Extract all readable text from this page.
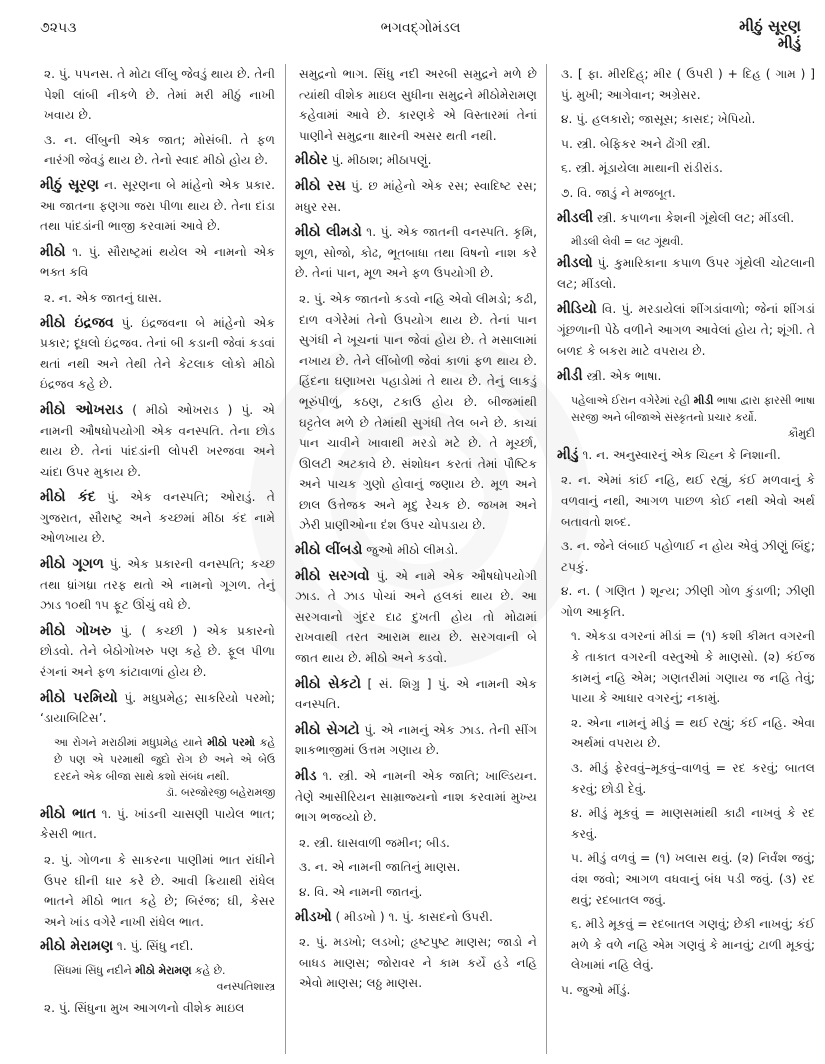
૭૨૫૩	ભગવદ્ગોમંડલ	મીઠું સૂરણ
મીડું

૨. પું. પપનસ. તે મોટા લીંબુ જેવડું થાય છે. તેની પેશી લાંબી નીકળે છે. તેમાં મરી મીઠું નાખી ખવાય છે.

૩. ન. લીંબુની એક જાત; મોસંબી. તે ફળ નારંગી જેવડું થાય છે. તેનો સ્વાદ મીઠો હોય છે.

મીઠું સૂરણ ન. સૂરણના બે માંહેનો એક પ્રકાર. આ જાતના ફણગા જરા પીળા થાય છે. તેના દાંડા તથા પાંદડાંની ભાજી કરવામાં આવે છે.

મીઠો ૧. પું. સૌરાષ્ટ્રમાં થયેલ એ નામનો એક ભક્ત કવિ

૨. ન. એક જાતનું ઘાસ.

મીઠો ઇંદ્રજવ પું. ઇંદ્રજવના બે માંહેનો એક પ્રકાર; દૂધલો ઇંદ્રજવ. તેનાં બી કડાની જેવાં કડવાં થતાં નથી અને તેથી તેને કેટલાક લોકો મીઠો ઇંદ્રજવ કહે છે.

મીઠો ઓખરાડ ( મીઠો ઓખરાડ ) પું. એ નામની ઔષધોપયોગી એક વનસ્પતિ. તેના છોડ થાય છે. તેનાં પાંદડાંની લોપરી ખરજવા અને ચાંદા ઉપર મુકાય છે.

મીઠો કંદ પું. એક વનસ્પતિ; ઓરાડું. તે ગુજરાત, સૌરાષ્ટ્ર અને કચ્છમાં મીઠા કંદ નામે ઓળખાય છે.

મીઠો ગૂગળ પું. એક પ્રકારની વનસ્પતિ; કચ્છ તથા ધ્રાંગધ્રા તરફ થતો એ નામનો ગૂગળ. તેનું ઝાડ ૧૦થી ૧૫ ફૂટ ઊંચું વધે છે.

મીઠો ગોખરુ પું. ( કચ્છી ) એક પ્રકારનો છોડવો. તેને બેઠોગોખરુ પણ કહે છે. ફૂલ પીળા રંગનાં અને ફળ કાંટાવાળાં હોય છે.

મીઠો પરમિયો પું. મધુપ્રમેહ; સાકરિયો પરમો; ‘ડાયાબિટિસ’.

આ રોગને મરાઠીમાં મધુપ્રમેહ યાને મીઠો પરમો કહે છે પણ એ પરમાથી જુદો રોગ છે અને એ બેઉ દરદને એક બીજા સાથે કશો સંબંધ નથી.
ડૉ. બરજોરજી બહેરામજી

મીઠો ભાત ૧. પું. ખાંડની ચાસણી પાયેલ ભાત; કેસરી ભાત.

૨. પું. ગોળના કે સાકરના પાણીમાં ભાત રાંધીને ઉપર ઘીની ધાર કરે છે. આવી ક્રિયાથી રાંધેલ ભાતને મીઠો ભાત કહે છે; બિરંજ; ઘી, કેસર અને ખાંડ વગેરે નાખી રાંધેલ ભાત.

મીઠો મેરામણ ૧. પું. સિંધુ નદી.

સિંધમાં સિંધુ નદીને મીઠો મેરામણ કહે છે.
વનસ્પતિશાસ્ત્ર

૨. પું. સિંધુના મુખ આગળનો વીશેક માઇલ

સમુદ્રનો ભાગ. સિંધુ નદી અરબી સમુદ્રને મળે છે ત્યાંથી વીશેક માઇલ સુધીના સમુદ્રને મીઠોમેરામણ કહેવામાં આવે છે. કારણકે એ વિસ્તારમાં તેનાં પાણીને સમુદ્રના ક્ષારની અસર થતી નથી.

મીઠોર પું. મીઠાશ; મીઠાપણું.

મીઠો રસ પું. છ માંહેનો એક રસ; સ્વાદિષ્ટ રસ; મધુર રસ.

મીઠો લીમડો ૧. પું. એક જાતની વનસ્પતિ. કૃમિ, શૂળ, સોજો, કોઢ, ભૂતબાધા તથા વિષનો નાશ કરે છે. તેનાં પાન, મૂળ અને ફળ ઉપયોગી છે.

૨. પું. એક જાતનો કડવો નહિ એવો લીમડો; કઢી, દાળ વગેરેમાં તેનો ઉપયોગ થાય છે. તેનાં પાન સુગંધી ને ખૂચનાં પાન જેવાં હોય છે. તે મસાલામાં નખાય છે. તેને લીંબોળી જેવાં કાળાં ફળ થાય છે. હિંદના ઘણાખરા પહાડોમાં તે થાય છે. તેનું લાકડું ભૂરુંપીળું, કઠણ, ટકાઉ હોય છે. બીજમાંથી ઘટ્ટતેલ મળે છે તેમાંથી સુગંધી તેલ બને છે. કાચાં પાન ચાવીને ખાવાથી મરડો મટે છે. તે મૂર્ચ્છા, ઊલટી અટકાવે છે. સંશોધન કરતાં તેમાં પૌષ્ટિક અને પાચક ગુણો હોવાનું જણાય છે. મૂળ અને છાલ ઉત્તેજક અને મૃદુ રેચક છે. જખમ અને ઝેરી પ્રાણીઓના દંશ ઉપર ચોપડાય છે.

મીઠો લીંબડો જુઓ મીઠો લીમડો.

મીઠો સરગવો પું. એ નામે એક ઔષધોપયોગી ઝાડ. તે ઝાડ પોચાં અને હલકાં થાય છે. આ સરગવાનો ગુંદર દાઢ દુખતી હોય તો મોઢામાં રાખવાથી તરત આરામ થાય છે. સરગવાની બે જાત થાય છે. મીઠો અને કડવો.

મીઠો સેકટો [ સં. શિગ્રુ ] પું. એ નામની એક વનસ્પતિ.

મીઠો સેગટો પું. એ નામનું એક ઝાડ. તેની સીંગ શાકભાજીમાં ઉત્તમ ગણાય છે.

મીડ ૧. સ્ત્રી. એ નામની એક જાતિ; ખાલ્ડિયન. તેણે આસીરિયન સામ્રાજ્યનો નાશ કરવામાં મુખ્ય ભાગ ભજવ્યો છે.

૨. સ્ત્રી. ઘાસવાળી જમીન; બીડ.

૩. ન. એ નામની જાતિનું માણસ.

૪. વિ. એ નામની જાતનું.

મીડખો ( મીડખો ) ૧. પું. કાસદનો ઉપરી.

૨. પું. મડખો; લડખો; હૃષ્ટપુષ્ટ માણસ; જાડો ને બાધડ માણસ; જોરાવર ને કામ કર્યે હડે નહિ એવો માણસ; લઠ્ઠ માણસ.

૩. [ ફા. મીરદિહ્; મીર ( ઉપરી ) + દિહ ( ગામ ) ] પું. મુખી; આગેવાન; અગ્રેસર.

૪. પું. હલકારો; જાસૂસ; કાસદ; ખેપિયો.

૫. સ્ત્રી. બેફિકર અને ઢોંગી સ્ત્રી.

૬. સ્ત્રી. મૂંડાયેલા માથાની રાંડીરાંડ.

૭. વિ. જાડું ને મજબૂત.

મીડલી સ્ત્રી. કપાળના કેશની ગૂંથેલી લટ; મીંડલી.

મીડલી લેવી = લટ ગૂંથવી.

મીડલો પું. કુમારિકાના કપાળ ઉપર ગૂંથેલી ચોટલાની લટ; મીંડલો.

મીડિયો વિ. પું. મરડાયેલાં શીંગડાંવાળો; જેનાં શીંગડાં ગૂંછળાની પેઠે વળીને આગળ આવેલાં હોય તે; શૂંગી. તે બળદ કે બકરા માટે વપરાય છે.

મીડી સ્ત્રી. એક ભાષા.

પહેલાએ ઈરાન વગેરેમાં રહી મીડી ભાષા દ્વારા ફારસી ભાષા સરજી અને બીજાએ સંસ્કૃતનો પ્રચાર કર્યો.
કૌમુદી

મીડું ૧. ન. અનુસ્વારનું એક ચિહ્ન કે નિશાની.

૨. ન. એમાં કાંઈ નહિ, થઈ રહ્યું, કંઈ મળવાનું કે વળવાનું નથી, આગળ પાછળ કોઈ નથી એવો અર્થ બતાવતો શબ્દ.

૩. ન. જેને લંબાઈ પહોળાઈ ન હોય એવું ઝીણું બિંદુ; ટપકું.

૪. ન. ( ગણિત ) શૂન્ય; ઝીણી ગોળ કુંડાળી; ઝીણી ગોળ આકૃતિ.

૧. એકડા વગરનાં મીડાં = (૧) કશી કીમત વગરની કે તાકાત વગરની વસ્તુઓ કે માણસો. (૨) કંઈજ કામનું નહિ એમ; ગણતરીમાં ગણાય જ નહિ તેવું; પાયા કે આધાર વગરનું; નકામું.

૨. એના નામનું મીડું = થઈ રહ્યું; કંઈ નહિ. એવા અર્થમાં વપરાય છે.

૩. મીડું ફેરવવું–મૂકવું–વાળવું = રદ કરવું; બાતલ કરવું; છોડી દેવું.

૪. મીડું મૂકવું = માણસમાંથી કાઢી નાખવું કે રદ કરવું.

૫. મીડું વળવું = (૧) ખલાસ થવું. (૨) નિર્વંશ જવું; વંશ જવો; આગળ વધવાનું બંધ પડી જવું. (૩) રદ થવું; રદબાતલ જવું.

૬. મીડે મૂકવું = રદબાતલ ગણવું; છેકી નાખવું; કંઈ મળે કે વળે નહિ એમ ગણવું કે માનવું; ટાળી મૂકવું; લેખામાં નહિ લેવું.

૫. જુઓ મીંડું.
